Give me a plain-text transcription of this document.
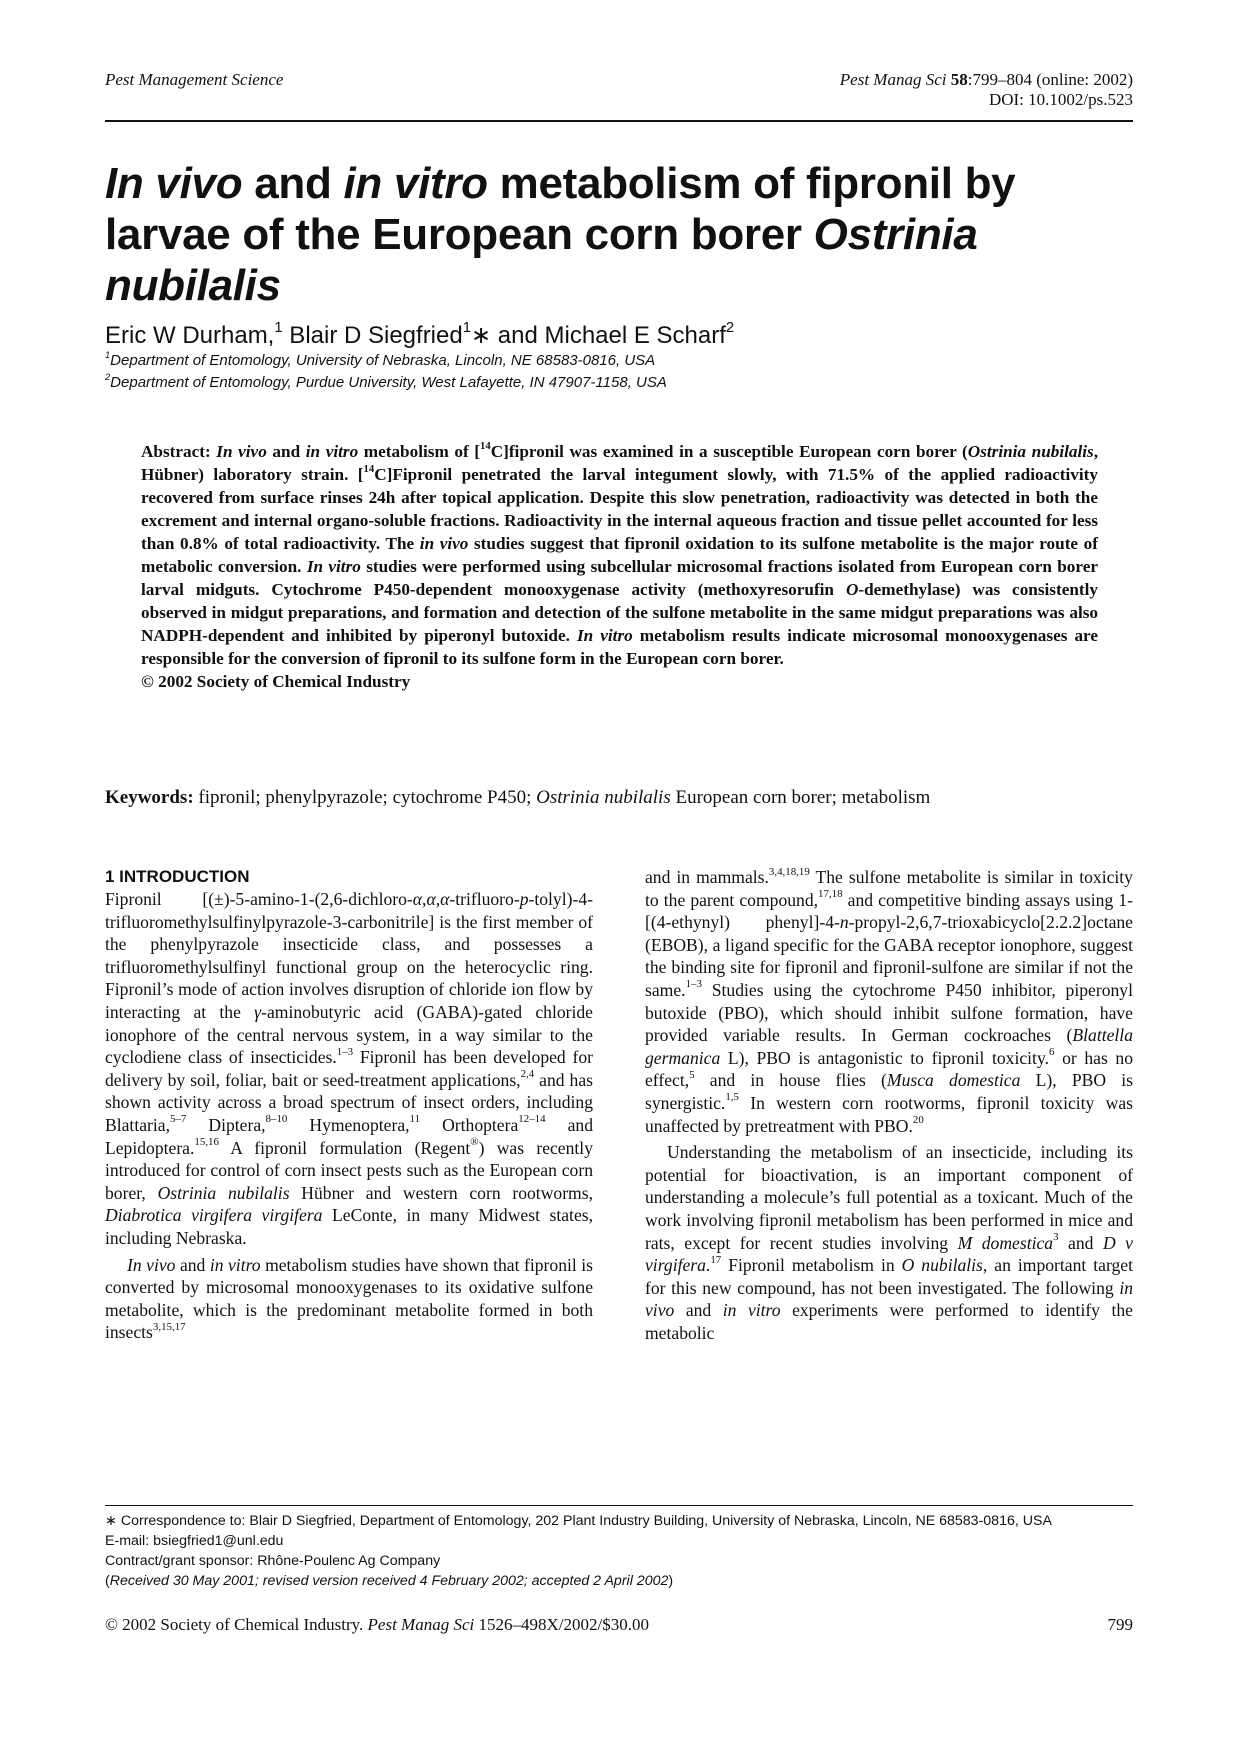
Pest Management Science	Pest Manag Sci 58:799–804 (online: 2002)
DOI: 10.1002/ps.523
In vivo and in vitro metabolism of fipronil by larvae of the European corn borer Ostrinia nubilalis
Eric W Durham,$^1$ Blair D Siegfried$^1$∗ and Michael E Scharf$^2$
$^1$Department of Entomology, University of Nebraska, Lincoln, NE 68583-0816, USA
$^2$Department of Entomology, Purdue University, West Lafayette, IN 47907-1158, USA
Abstract: In vivo and in vitro metabolism of [$^{14}$C]fipronil was examined in a susceptible European corn borer (Ostrinia nubilalis, Hübner) laboratory strain. [$^{14}$C]Fipronil penetrated the larval integument slowly, with 71.5% of the applied radioactivity recovered from surface rinses 24h after topical application. Despite this slow penetration, radioactivity was detected in both the excrement and internal organo-soluble fractions. Radioactivity in the internal aqueous fraction and tissue pellet accounted for less than 0.8% of total radioactivity. The in vivo studies suggest that fipronil oxidation to its sulfone metabolite is the major route of metabolic conversion. In vitro studies were performed using subcellular microsomal fractions isolated from European corn borer larval midguts. Cytochrome P450-dependent monooxygenase activity (methoxyresorufin O-demethylase) was consistently observed in midgut preparations, and formation and detection of the sulfone metabolite in the same midgut preparations was also NADPH-dependent and inhibited by piperonyl butoxide. In vitro metabolism results indicate microsomal monooxygenases are responsible for the conversion of fipronil to its sulfone form in the European corn borer.
© 2002 Society of Chemical Industry
Keywords: fipronil; phenylpyrazole; cytochrome P450; Ostrinia nubilalis European corn borer; metabolism
1 INTRODUCTION

Fipronil [(±)-5-amino-1-(2,6-dichloro-α,α,α-trifluoro-p-tolyl)-4-trifluoromethylsulfinylpyrazole-3-carbonitrile] is the first member of the phenylpyrazole insecticide class, and possesses a trifluoromethylsulfinyl functional group on the heterocyclic ring. Fipronil’s mode of action involves disruption of chloride ion flow by interacting at the γ-aminobutyric acid (GABA)-gated chloride ionophore of the central nervous system, in a way similar to the cyclodiene class of insecticides.$^{1-3}$ Fipronil has been developed for delivery by soil, foliar, bait or seed-treatment applications,$^{2,4}$ and has shown activity across a broad spectrum of insect orders, including Blattaria,$^{5-7}$ Diptera,$^{8-10}$ Hymenoptera,$^{11}$ Orthoptera$^{12-14}$ and Lepidoptera.$^{15,16}$ A fipronil formulation (Regent®) was recently introduced for control of corn insect pests such as the European corn borer, Ostrinia nubilalis Hübner and western corn rootworms, Diabrotica virgifera virgifera LeConte, in many Midwest states, including Nebraska.

In vivo and in vitro metabolism studies have shown that fipronil is converted by microsomal monooxygenases to its oxidative sulfone metabolite, which is the predominant metabolite formed in both insects$^{3,15,17}$

and in mammals.$^{3,4,18,19}$ The sulfone metabolite is similar in toxicity to the parent compound,$^{17,18}$ and competitive binding assays using 1-[(4-ethynyl) phenyl]-4-n-propyl-2,6,7-trioxabicyclo[2.2.2]octane (EBOB), a ligand specific for the GABA receptor ionophore, suggest the binding site for fipronil and fipronil-sulfone are similar if not the same.$^{1-3}$ Studies using the cytochrome P450 inhibitor, piperonyl butoxide (PBO), which should inhibit sulfone formation, have provided variable results. In German cockroaches (Blattella germanica L), PBO is antagonistic to fipronil toxicity.$^6$ or has no effect,$^5$ and in house flies (Musca domestica L), PBO is synergistic.$^{1,5}$ In western corn rootworms, fipronil toxicity was unaffected by pretreatment with PBO.$^{20}$

Understanding the metabolism of an insecticide, including its potential for bioactivation, is an important component of understanding a molecule’s full potential as a toxicant. Much of the work involving fipronil metabolism has been performed in mice and rats, except for recent studies involving M domestica$^3$ and D v virgifera.$^{17}$ Fipronil metabolism in O nubilalis, an important target for this new compound, has not been investigated. The following in vivo and in vitro experiments were performed to identify the metabolic

∗ Correspondence to: Blair D Siegfried, Department of Entomology, 202 Plant Industry Building, University of Nebraska, Lincoln, NE 68583-0816, USA
E-mail: bsiegfried1@unl.edu
Contract/grant sponsor: Rhône-Poulenc Ag Company
(Received 30 May 2001; revised version received 4 February 2002; accepted 2 April 2002)
© 2002 Society of Chemical Industry. Pest Manag Sci 1526–498X/2002/$30.00	799
